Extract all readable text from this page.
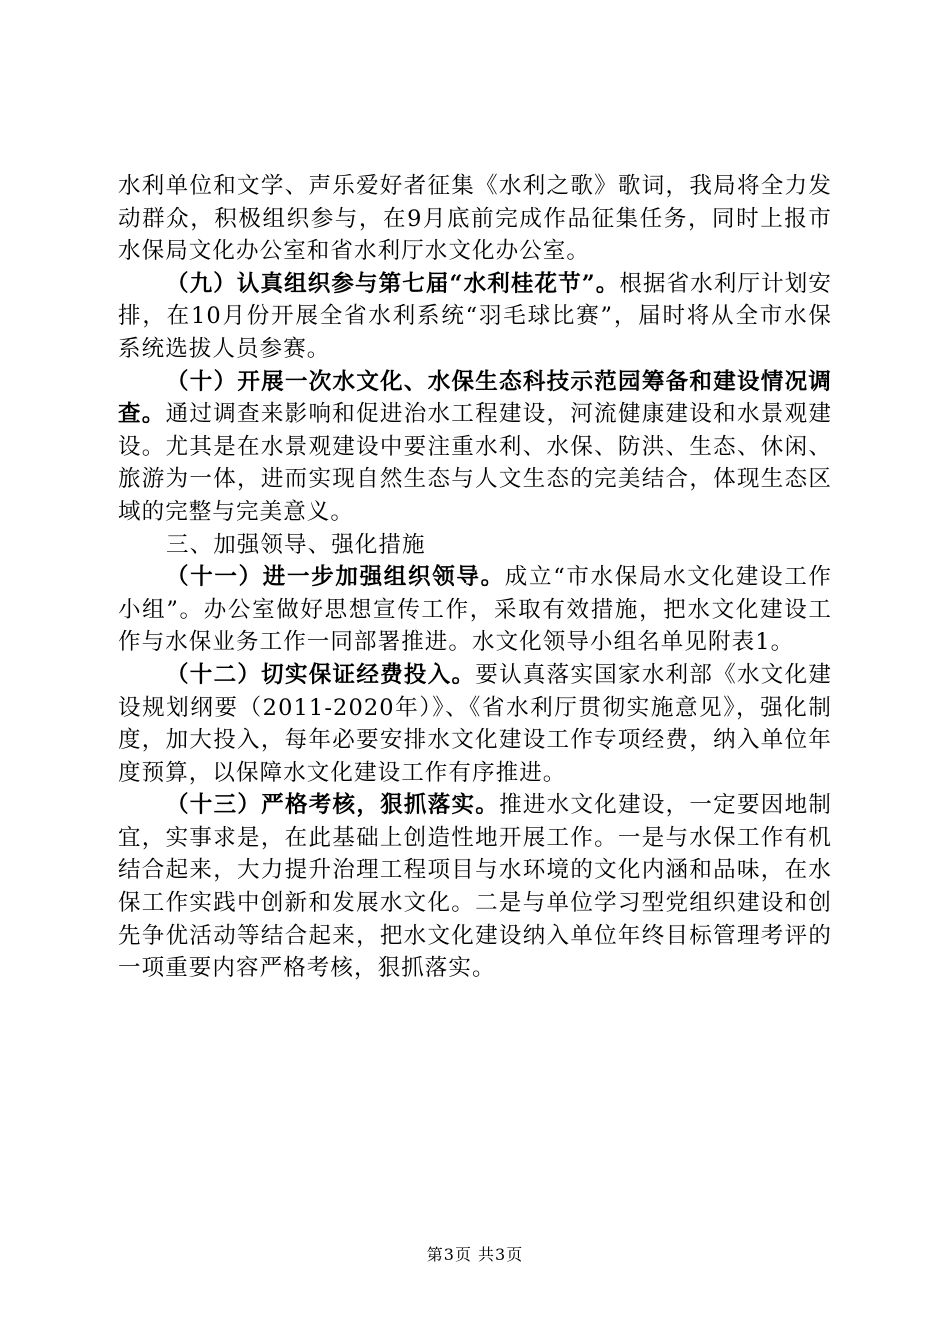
水利单位和文学、声乐爱好者征集《水利之歌》歌词，我局将全力发动群众，积极组织参与，在9月底前完成作品征集任务，同时上报市水保局文化办公室和省水利厅水文化办公室。

（九）认真组织参与第七届“水利桂花节”。根据省水利厅计划安排，在10月份开展全省水利系统“羽毛球比赛”，届时将从全市水保系统选拔人员参赛。

（十）开展一次水文化、水保生态科技示范园筹备和建设情况调查。通过调查来影响和促进治水工程建设，河流健康建设和水景观建设。尤其是在水景观建设中要注重水利、水保、防洪、生态、休闲、旅游为一体，进而实现自然生态与人文生态的完美结合，体现生态区域的完整与完美意义。

三、加强领导、强化措施

（十一）进一步加强组织领导。成立“市水保局水文化建设工作小组”。办公室做好思想宣传工作，采取有效措施，把水文化建设工作与水保业务工作一同部署推进。水文化领导小组名单见附表1。

（十二）切实保证经费投入。要认真落实国家水利部《水文化建设规划纲要（2011-2020年）》、《省水利厅贯彻实施意见》，强化制度，加大投入，每年必要安排水文化建设工作专项经费，纳入单位年度预算，以保障水文化建设工作有序推进。

（十三）严格考核，狠抓落实。推进水文化建设，一定要因地制宜，实事求是，在此基础上创造性地开展工作。一是与水保工作有机结合起来，大力提升治理工程项目与水环境的文化内涵和品味，在水保工作实践中创新和发展水文化。二是与单位学习型党组织建设和创先争优活动等结合起来，把水文化建设纳入单位年终目标管理考评的一项重要内容严格考核，狠抓落实。

第3页 共3页
